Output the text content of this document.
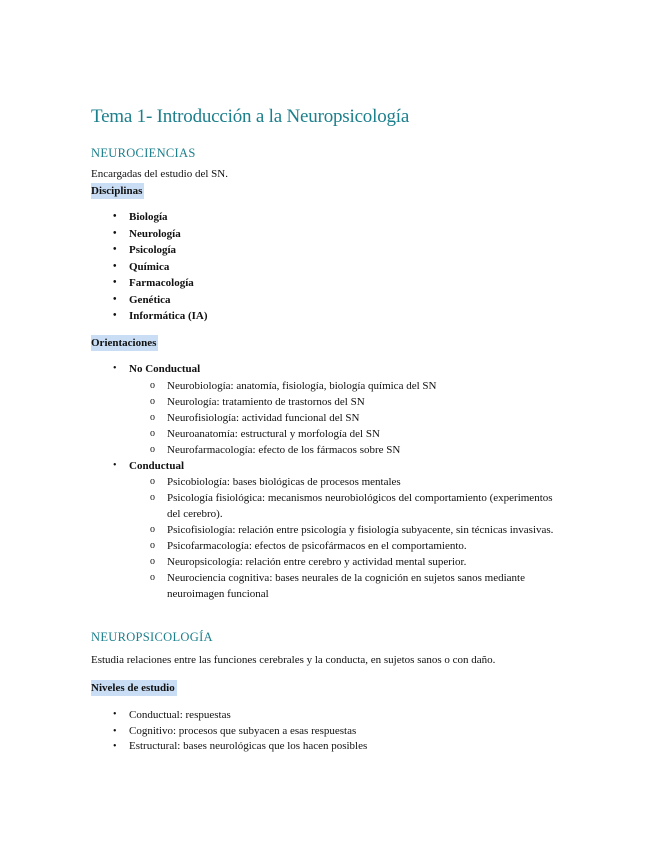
Tema 1- Introducción a la Neuropsicología
NEUROCIENCIAS

Encargadas del estudio del SN.

Disciplinas

• Biología
• Neurología
• Psicología
• Química
• Farmacología
• Genética
• Informática (IA)

Orientaciones

• No Conductual
o Neurobiología: anatomía, fisiología, biología química del SN
o Neurología: tratamiento de trastornos del SN
o Neurofisiología: actividad funcional del SN
o Neuroanatomía: estructural y morfología del SN
o Neurofarmacología: efecto de los fármacos sobre SN
• Conductual
o Psicobiología: bases biológicas de procesos mentales
o Psicología fisiológica: mecanismos neurobiológicos del comportamiento (experimentos del cerebro).
o Psicofisiología: relación entre psicología y fisiología subyacente, sin técnicas invasivas.
o Psicofarmacología: efectos de psicofármacos en el comportamiento.
o Neuropsicología: relación entre cerebro y actividad mental superior.
o Neurociencia cognitiva: bases neurales de la cognición en sujetos sanos mediante neuroimagen funcional
NEUROPSICOLOGÍA

Estudia relaciones entre las funciones cerebrales y la conducta, en sujetos sanos o con daño.

Niveles de estudio

• Conductual: respuestas
• Cognitivo: procesos que subyacen a esas respuestas
• Estructural: bases neurológicas que los hacen posibles
